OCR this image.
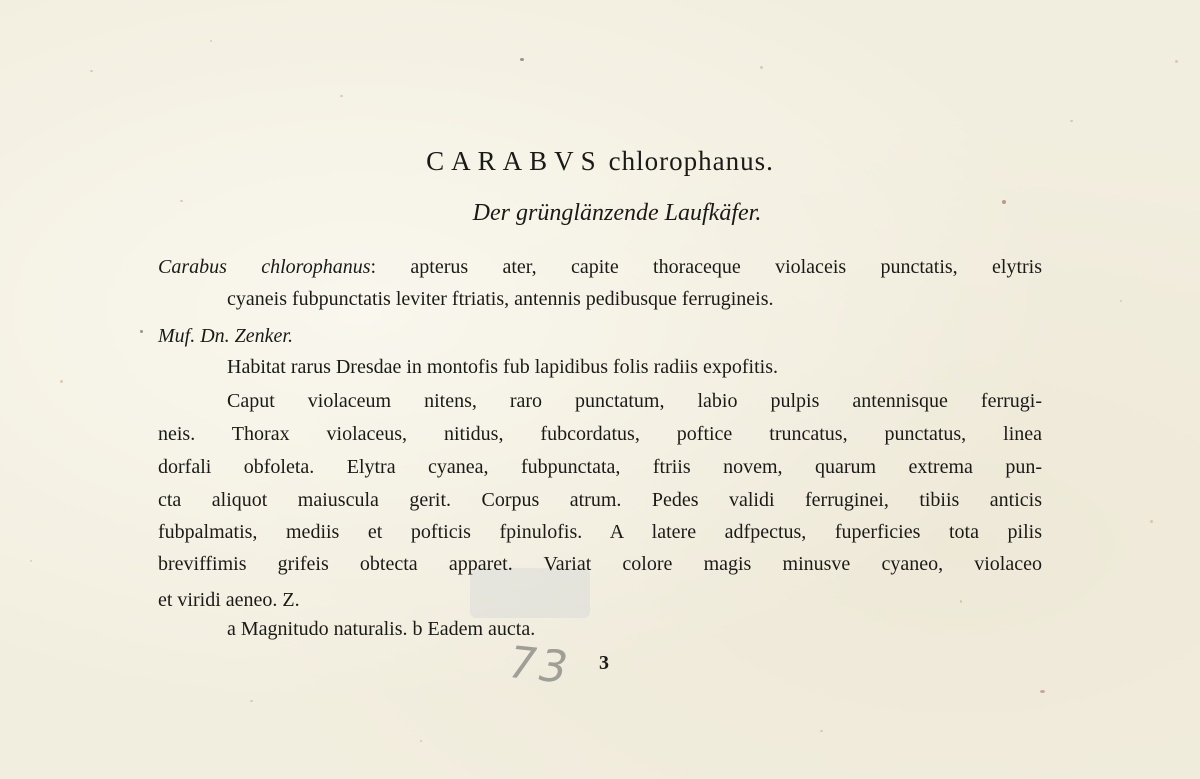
CARABVS chlorophanus.
Der grünglänzende Laufkäfer.
Carabus chlorophanus: apterus ater, capite thoraceque violaceis punctatis, elytris
cyaneis fubpunctatis leviter ftriatis, antennis pedibusque ferrugineis.
Muf. Dn. Zenker.
Habitat rarus Dresdae in montofis fub lapidibus folis radiis expofitis.
Caput violaceum nitens, raro punctatum, labio pulpis antennisque ferrugi-
neis. Thorax violaceus, nitidus, fubcordatus, poftice truncatus, punctatus, linea
dorfali obfoleta. Elytra cyanea, fubpunctata, ftriis novem, quarum extrema pun-
cta aliquot maiuscula gerit. Corpus atrum. Pedes validi ferruginei, tibiis anticis
fubpalmatis, mediis et pofticis fpinulofis. A latere adfpectus, fuperficies tota pilis
breviffimis grifeis obtecta apparet. Variat colore magis minusve cyaneo, violaceo
et viridi aeneo. Z.
a Magnitudo naturalis. b Eadem aucta.
73 3
